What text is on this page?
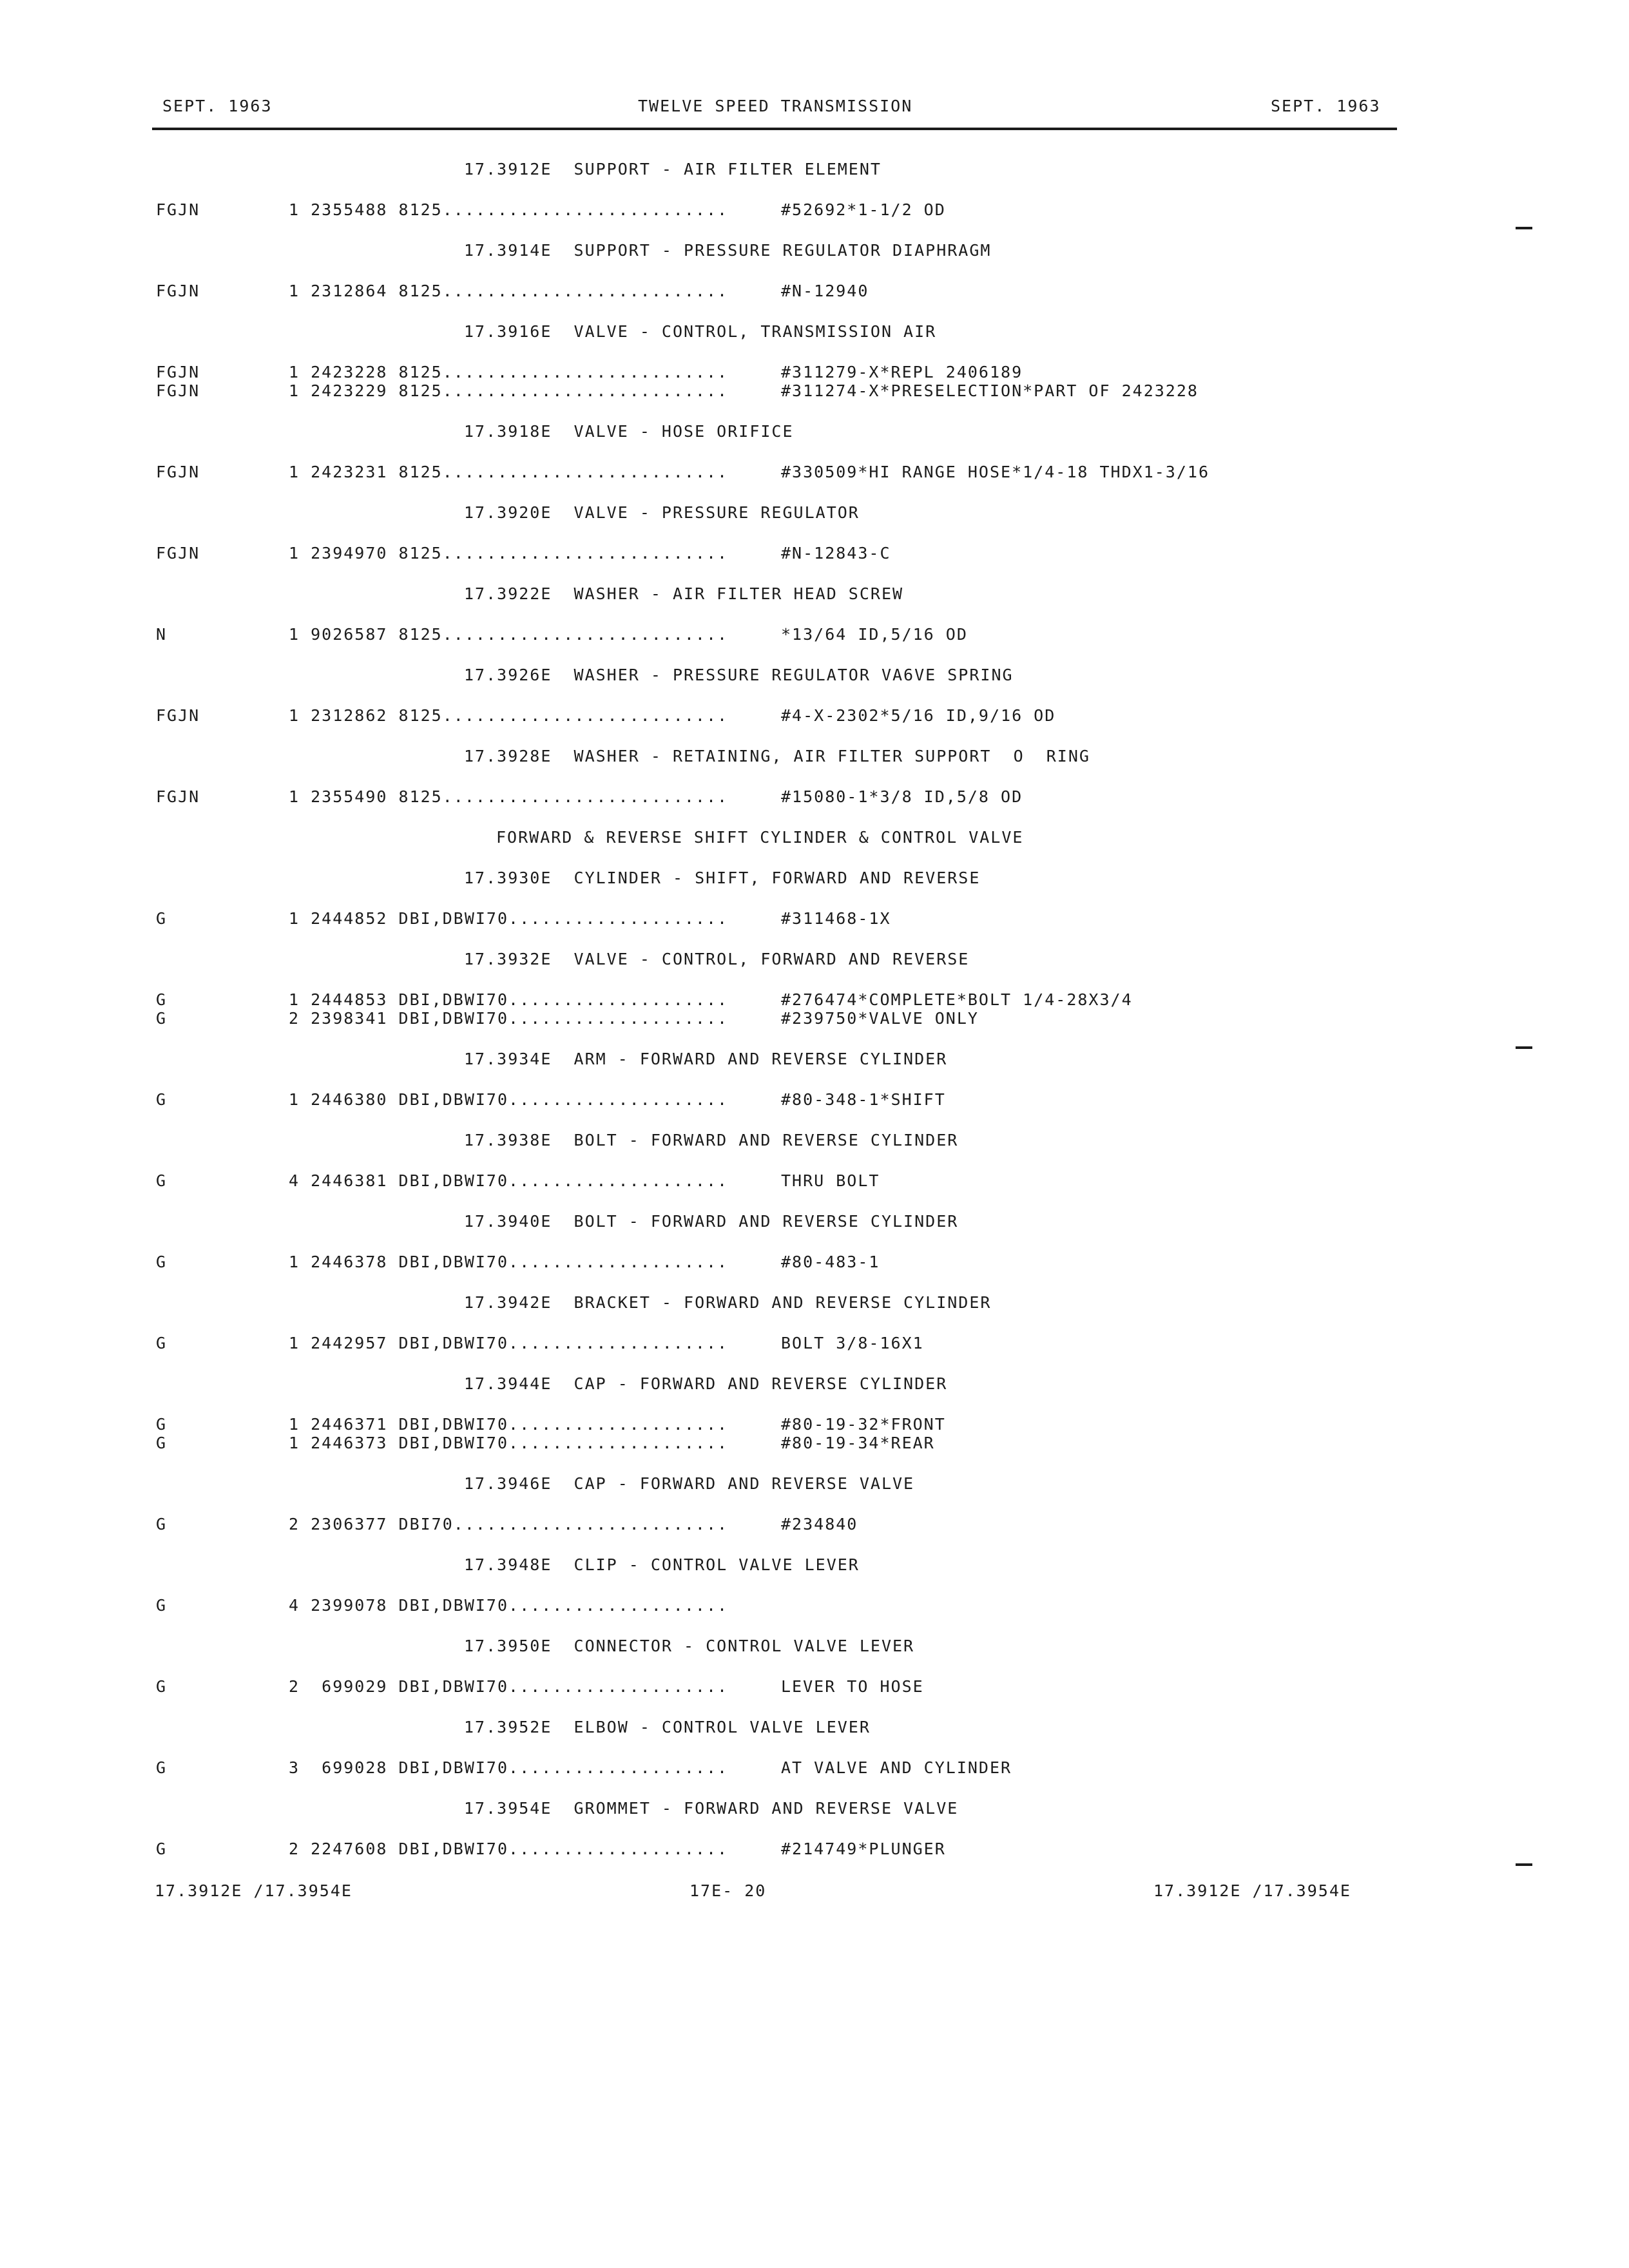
SEPT. 1963	TWELVE SPEED TRANSMISSION	SEPT. 1963
17.3912E  SUPPORT - AIR FILTER ELEMENT
FGJN	1 2355488 8125..........................	#52692*1-1/2 OD
17.3914E  SUPPORT - PRESSURE REGULATOR DIAPHRAGM
FGJN	1 2312864 8125..........................	#N-12940
17.3916E  VALVE - CONTROL, TRANSMISSION AIR
FGJN	1 2423228 8125..........................	#311279-X*REPL 2406189
FGJN	1 2423229 8125..........................	#311274-X*PRESELECTION*PART OF 2423228
17.3918E  VALVE - HOSE ORIFICE
FGJN	1 2423231 8125..........................	#330509*HI RANGE HOSE*1/4-18 THDX1-3/16
17.3920E  VALVE - PRESSURE REGULATOR
FGJN	1 2394970 8125..........................	#N-12843-C
17.3922E  WASHER - AIR FILTER HEAD SCREW
N	1 9026587 8125..........................	*13/64 ID,5/16 OD
17.3926E  WASHER - PRESSURE REGULATOR VA6VE SPRING
FGJN	1 2312862 8125..........................	#4-X-2302*5/16 ID,9/16 OD
17.3928E  WASHER - RETAINING, AIR FILTER SUPPORT  O  RING
FGJN	1 2355490 8125..........................	#15080-1*3/8 ID,5/8 OD
FORWARD & REVERSE SHIFT CYLINDER & CONTROL VALVE
17.3930E  CYLINDER - SHIFT, FORWARD AND REVERSE
G	1 2444852 DBI,DBWI70....................	#311468-1X
17.3932E  VALVE - CONTROL, FORWARD AND REVERSE
G	1 2444853 DBI,DBWI70....................	#276474*COMPLETE*BOLT 1/4-28X3/4
G	2 2398341 DBI,DBWI70....................	#239750*VALVE ONLY
17.3934E  ARM - FORWARD AND REVERSE CYLINDER
G	1 2446380 DBI,DBWI70....................	#80-348-1*SHIFT
17.3938E  BOLT - FORWARD AND REVERSE CYLINDER
G	4 2446381 DBI,DBWI70....................	THRU BOLT
17.3940E  BOLT - FORWARD AND REVERSE CYLINDER
G	1 2446378 DBI,DBWI70....................	#80-483-1
17.3942E  BRACKET - FORWARD AND REVERSE CYLINDER
G	1 2442957 DBI,DBWI70....................	BOLT 3/8-16X1
17.3944E  CAP - FORWARD AND REVERSE CYLINDER
G	1 2446371 DBI,DBWI70....................	#80-19-32*FRONT
G	1 2446373 DBI,DBWI70....................	#80-19-34*REAR
17.3946E  CAP - FORWARD AND REVERSE VALVE
G	2 2306377 DBI70.........................	#234840
17.3948E  CLIP - CONTROL VALVE LEVER
G	4 2399078 DBI,DBWI70....................
17.3950E  CONNECTOR - CONTROL VALVE LEVER
G	2  699029 DBI,DBWI70....................	LEVER TO HOSE
17.3952E  ELBOW - CONTROL VALVE LEVER
G	3  699028 DBI,DBWI70....................	AT VALVE AND CYLINDER
17.3954E  GROMMET - FORWARD AND REVERSE VALVE
G	2 2247608 DBI,DBWI70....................	#214749*PLUNGER
17.3912E /17.3954E	17E- 20	17.3912E /17.3954E
